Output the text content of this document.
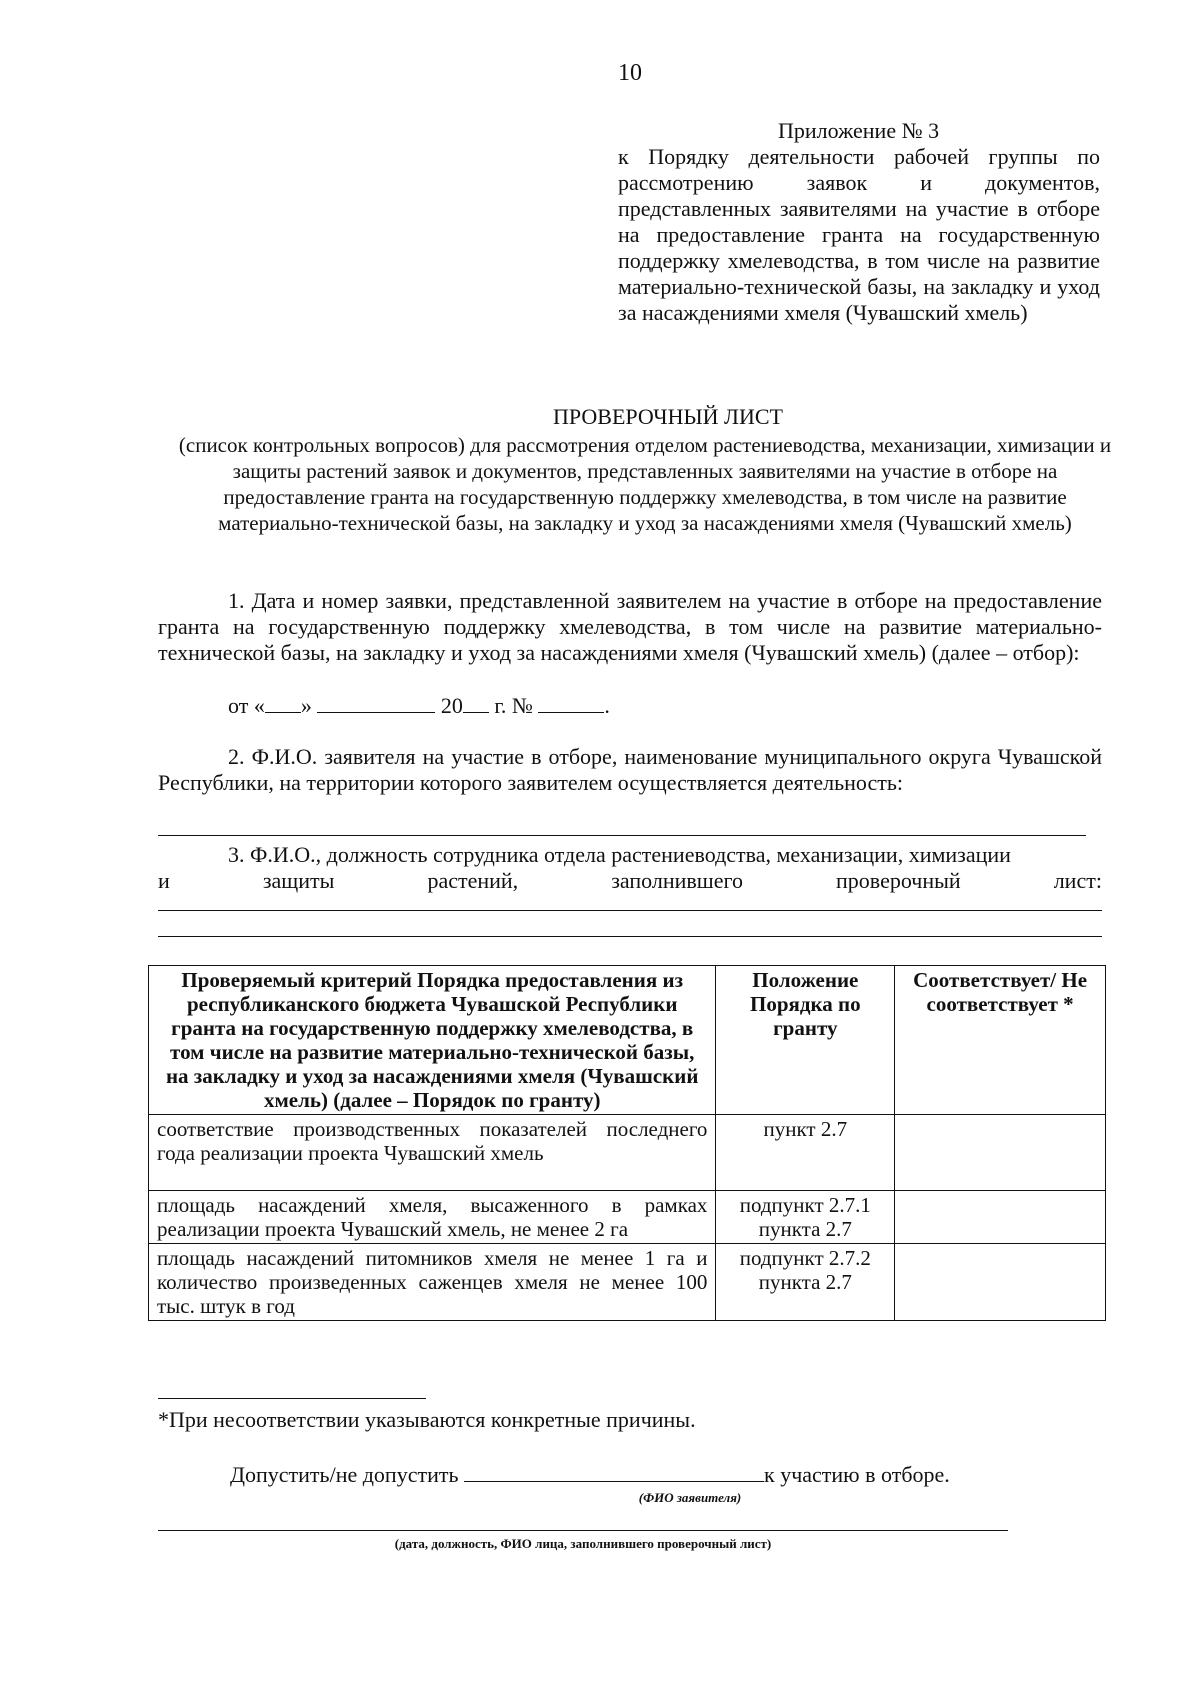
10
Приложение № 3
к Порядку деятельности рабочей группы по рассмотрению заявок и документов, представленных заявителями на участие в отборе на предоставление гранта на государственную поддержку хмелеводства, в том числе на развитие материально-технической базы, на закладку и уход за насаждениями хмеля (Чувашский хмель)
ПРОВЕРОЧНЫЙ ЛИСТ
(список контрольных вопросов) для рассмотрения отделом растениеводства, механизации, химизации и защиты растений заявок и документов, представленных заявителями на участие в отборе на предоставление гранта на государственную поддержку хмелеводства, в том числе на развитие материально-технической базы, на закладку и уход за насаждениями хмеля (Чувашский хмель)
1. Дата и номер заявки, представленной заявителем на участие в отборе на предоставление гранта на государственную поддержку хмелеводства, в том числе на развитие материально-технической базы, на закладку и уход за насаждениями хмеля (Чувашский хмель) (далее – отбор):
от « »	20 г. №	.
2. Ф.И.О. заявителя на участие в отборе, наименование муниципального округа Чувашской Республики, на территории которого заявителем осуществляется деятельность:
3. Ф.И.О., должность сотрудника отдела растениеводства, механизации, химизации
и	защиты	растений,	заполнившего	проверочный	лист:
Проверяемый критерий Порядка предоставления из республиканского бюджета Чувашской Республики гранта на государственную поддержку хмелеводства, в том числе на развитие материально-технической базы, на закладку и уход за насаждениями хмеля (Чувашский хмель) (далее – Порядок по гранту)	Положение Порядка по гранту	Соответствует/ Не соответствует *
соответствие производственных показателей последнего года реализации проекта Чувашский хмель	пункт 2.7	
площадь насаждений хмеля, высаженного в рамках реализации проекта Чувашский хмель, не менее 2 га	подпункт 2.7.1 пункта 2.7	
площадь насаждений питомников хмеля не менее 1 га и количество произведенных саженцев хмеля не менее 100 тыс. штук в год	подпункт 2.7.2 пункта 2.7	
*При несоответствии указываются конкретные причины.
Допустить/не допустить	к участию в отборе.
(ФИО заявителя)
(дата, должность, ФИО лица, заполнившего проверочный лист)
